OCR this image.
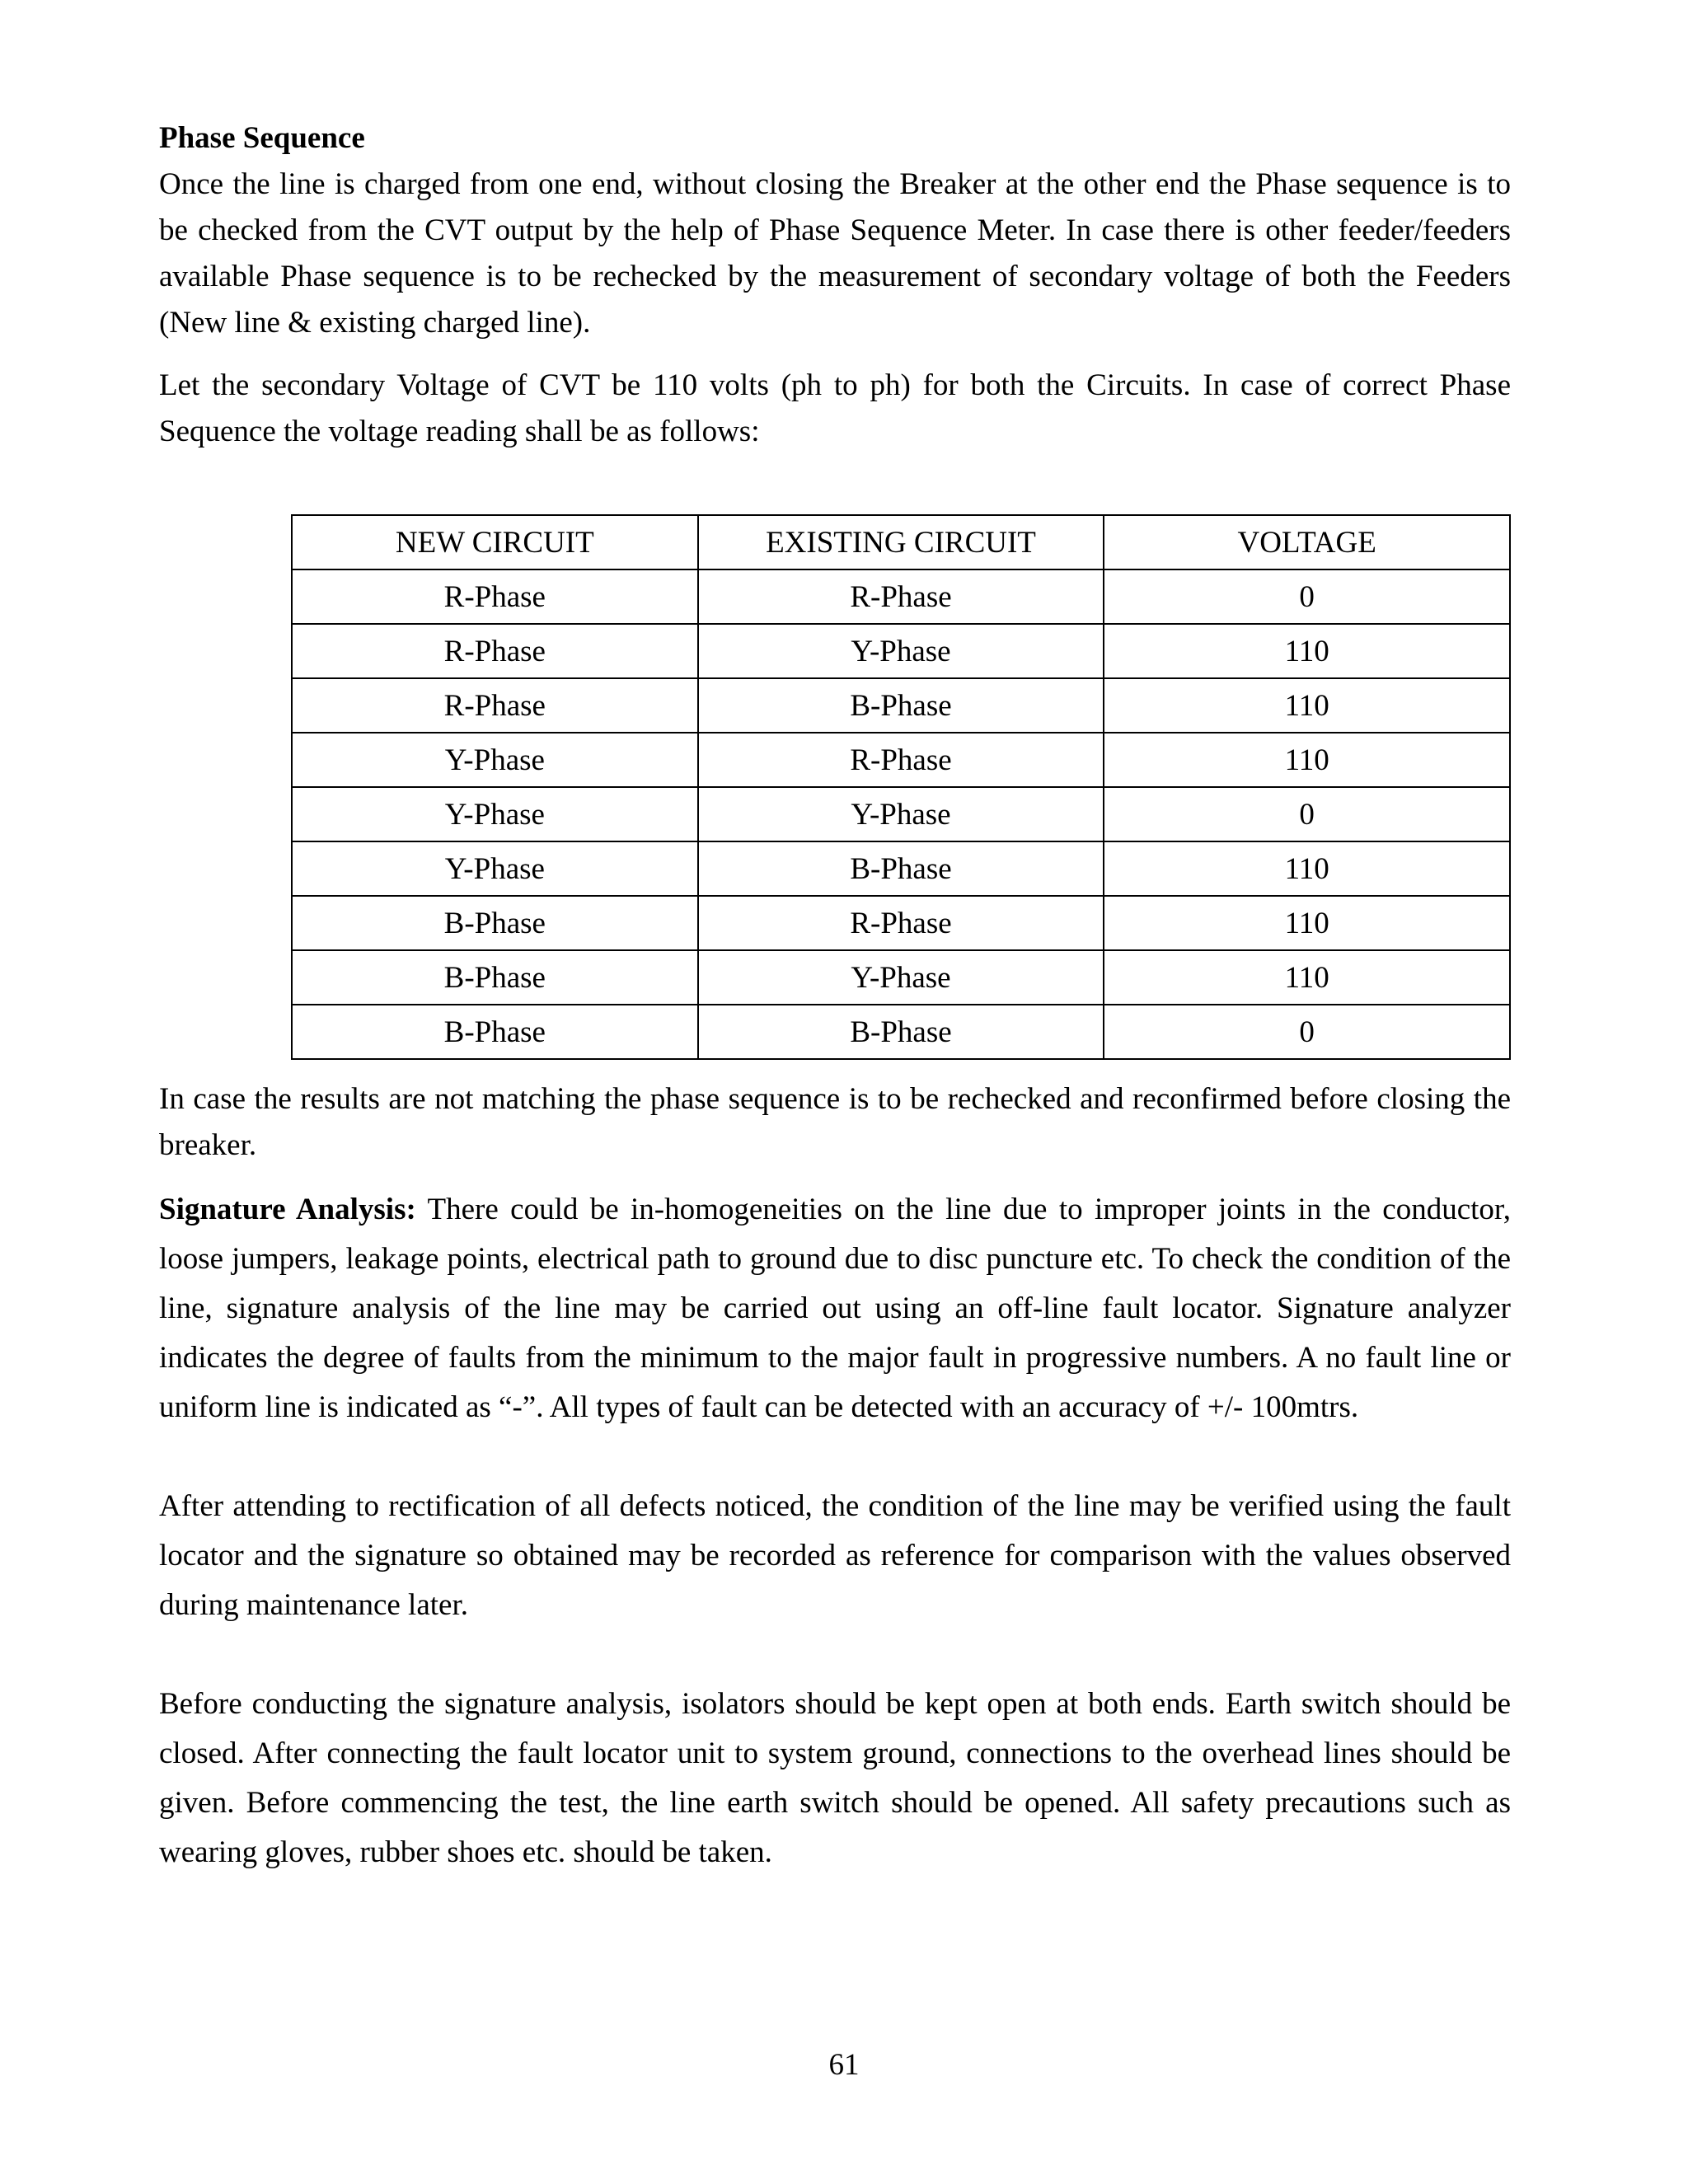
Phase Sequence

Once the line is charged from one end, without closing the Breaker at the other end the Phase sequence is to be checked from the CVT output by the help of Phase Sequence Meter. In case there is other feeder/feeders available Phase sequence is to be rechecked by the measurement of secondary voltage of both the Feeders (New line & existing charged line).

Let the secondary Voltage of CVT be 110 volts (ph to ph) for both the Circuits. In case of correct Phase Sequence the voltage reading shall be as follows:

NEW CIRCUIT	EXISTING CIRCUIT	VOLTAGE
R-Phase	R-Phase	0
R-Phase	Y-Phase	110
R-Phase	B-Phase	110
Y-Phase	R-Phase	110
Y-Phase	Y-Phase	0
Y-Phase	B-Phase	110
B-Phase	R-Phase	110
B-Phase	Y-Phase	110
B-Phase	B-Phase	0

In case the results are not matching the phase sequence is to be rechecked and reconfirmed before closing the breaker.

Signature Analysis: There could be in-homogeneities on the line due to improper joints in the conductor, loose jumpers, leakage points, electrical path to ground due to disc puncture etc. To check the condition of the line, signature analysis of the line may be carried out using an off-line fault locator. Signature analyzer indicates the degree of faults from the minimum to the major fault in progressive numbers. A no fault line or uniform line is indicated as “-”. All types of fault can be detected with an accuracy of +/- 100mtrs.

After attending to rectification of all defects noticed, the condition of the line may be verified using the fault locator and the signature so obtained may be recorded as reference for comparison with the values observed during maintenance later.

Before conducting the signature analysis, isolators should be kept open at both ends. Earth switch should be closed. After connecting the fault locator unit to system ground, connections to the overhead lines should be given. Before commencing the test, the line earth switch should be opened. All safety precautions such as wearing gloves, rubber shoes etc. should be taken.

61
